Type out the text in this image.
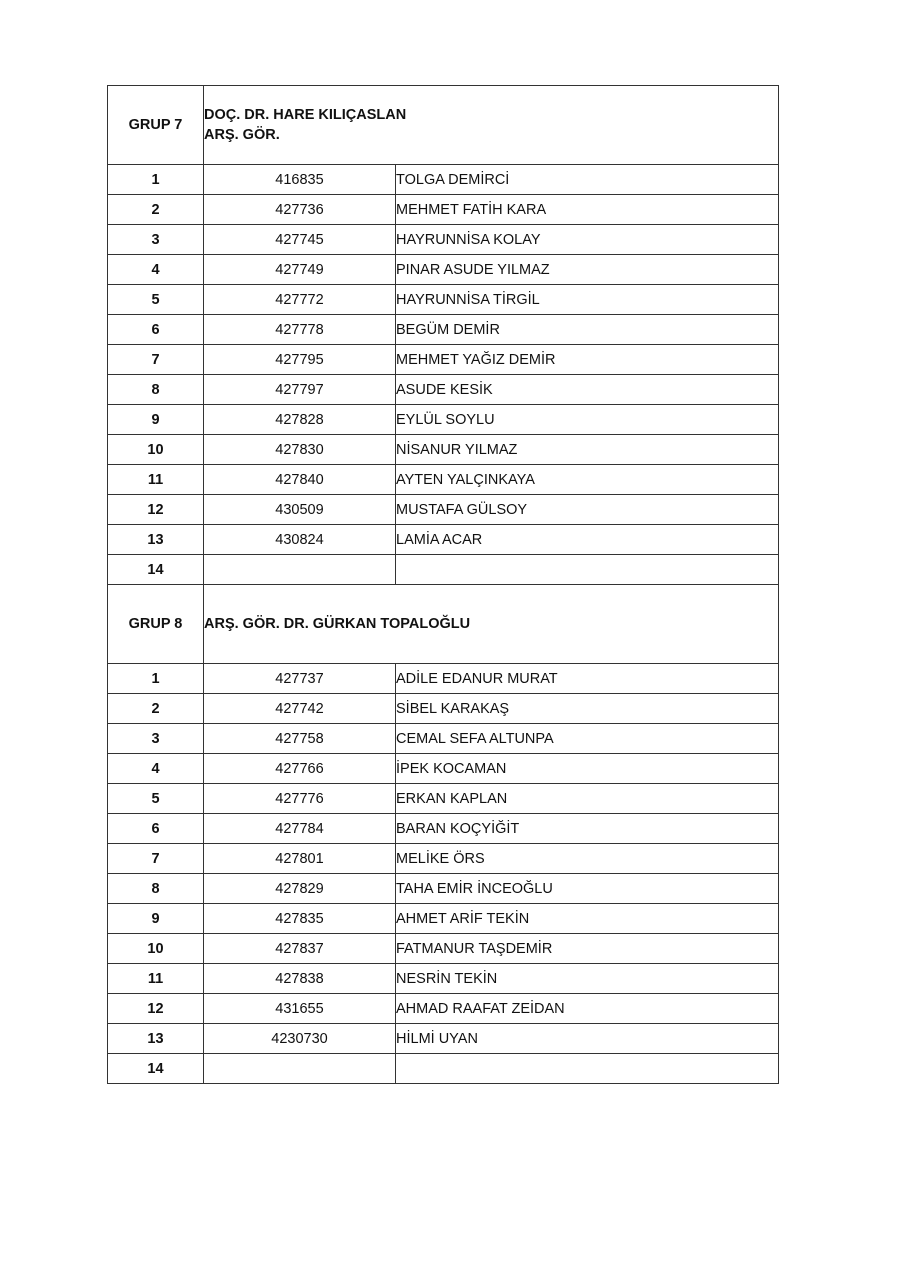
GRUP 7	DOÇ. DR. HARE KILIÇASLAN
ARŞ. GÖR.	

1	416835	TOLGA DEMİRCİ
2	427736	MEHMET FATİH KARA
3	427745	HAYRUNNİSA KOLAY
4	427749	PINAR ASUDE YILMAZ
5	427772	HAYRUNNİSA TİRGİL
6	427778	BEGÜM DEMİR
7	427795	MEHMET YAĞIZ DEMİR
8	427797	ASUDE KESİK
9	427828	EYLÜL SOYLU
10	427830	NİSANUR YILMAZ
11	427840	AYTEN YALÇINKAYA
12	430509	MUSTAFA GÜLSOY
13	430824	LAMİA ACAR
14		
GRUP 8	ARŞ. GÖR. DR. GÜRKAN TOPALOĞLU	

1	427737	ADİLE EDANUR MURAT
2	427742	SİBEL KARAKAŞ
3	427758	CEMAL SEFA ALTUNPA
4	427766	İPEK KOCAMAN
5	427776	ERKAN KAPLAN
6	427784	BARAN KOÇYİĞİT
7	427801	MELİKE ÖRS
8	427829	TAHA EMİR İNCEOĞLU
9	427835	AHMET ARİF TEKİN
10	427837	FATMANUR TAŞDEMİR
11	427838	NESRİN TEKİN
12	431655	AHMAD RAAFAT ZEİDAN
13	4230730	HİLMİ UYAN
14		
